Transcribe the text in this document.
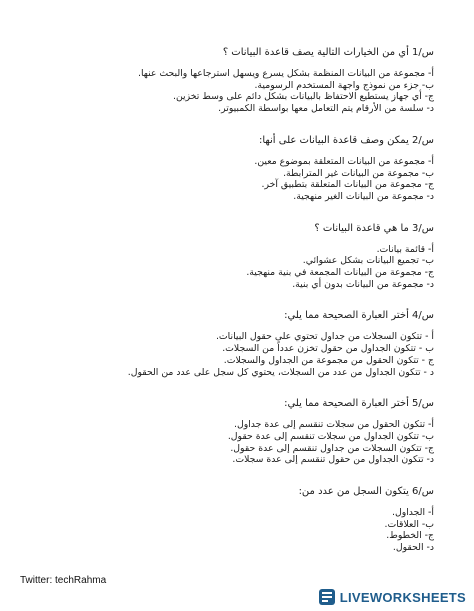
س/1 أي من الخيارات التالية يصف قاعدة البيانات ؟
أ- مجموعة من البيانات المنظمة بشكل يسرع ويسهل استرجاعها والبحث عنها.
ب- جزء من نموذج واجهة المستخدم الرسومية.
ج- أي جهاز يستطيع الاحتفاظ بالبيانات بشكل دائم على وسط تخزين.
د- سلسة من الأرقام يتم التعامل معها بواسطة الكمبيوتر.
س/2 يمكن وصف قاعدة البيانات على أنها:
أ- مجموعة من البيانات المتعلقة بموضوع معين.
ب- مجموعة من البيانات غير المترابطة.
ج- مجموعة من البيانات المتعلقة بتطبيق آخر.
د- مجموعة من البيانات الغير منهجية.
س/3 ما هي قاعدة البيانات ؟
أ- قائمة بيانات.
ب- تجميع البيانات بشكل عشوائي.
ج- مجموعة من البيانات المجمعة في بنية منهجية.
د- مجموعة من البيانات بدون أي بنية.
س/4 أختر العبارة الصحيحة مما يلي:
أ - تتكون السجلات من جداول تحتوي على حقول البيانات.
ب - تتكون الجداول من حقول تخزن عدداً من السجلات.
ج - تتكون الحقول من مجموعة من الجداول والسجلات.
د - تتكون الجداول من عدد من السجلات، يحتوي كل سجل على عدد من الحقول.
س/5 أختر العبارة الصحيحة مما يلي:
أ- تتكون الحقول من سجلات تنقسم إلى عدة جداول.
ب- تتكون الجداول من سجلات تنقسم إلى عدة حقول.
ج- تتكون السجلات من جداول تنقسم إلى عدة حقول.
د- تتكون الجداول من حقول تنقسم إلى عدة سجلات.
س/6 يتكون السجل من عدد من:
أ- الجداول.
ب- العلاقات.
ج- الخطوط.
د- الحقول.
Twitter: techRahma
LIVEWORKSHEETS
